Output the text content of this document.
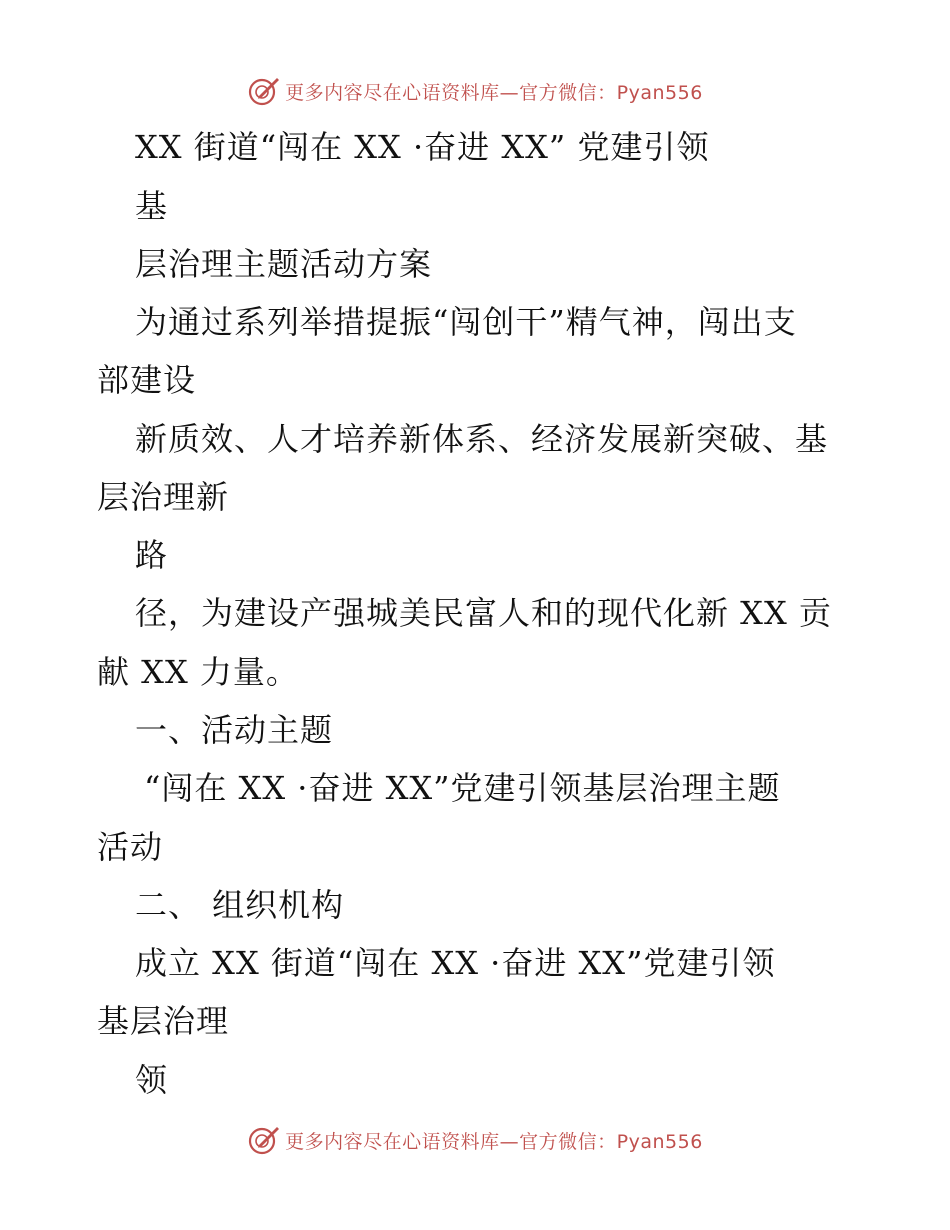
更多内容尽在心语资料库—官方微信：Pyan556
XX 街道“闯在 XX ·奋进 XX” 党建引领
基
层治理主题活动方案
为通过系列举措提振“闯创干”精气神，闯出支
部建设
新质效、人才培养新体系、经济发展新突破、基
层治理新
路
径，为建设产强城美民富人和的现代化新 XX 贡
献 XX 力量。
一、活动主题
“闯在 XX ·奋进 XX”党建引领基层治理主题
活动
二、 组织机构
成立 XX 街道“闯在 XX ·奋进 XX”党建引领
基层治理
领
更多内容尽在心语资料库—官方微信：Pyan556
